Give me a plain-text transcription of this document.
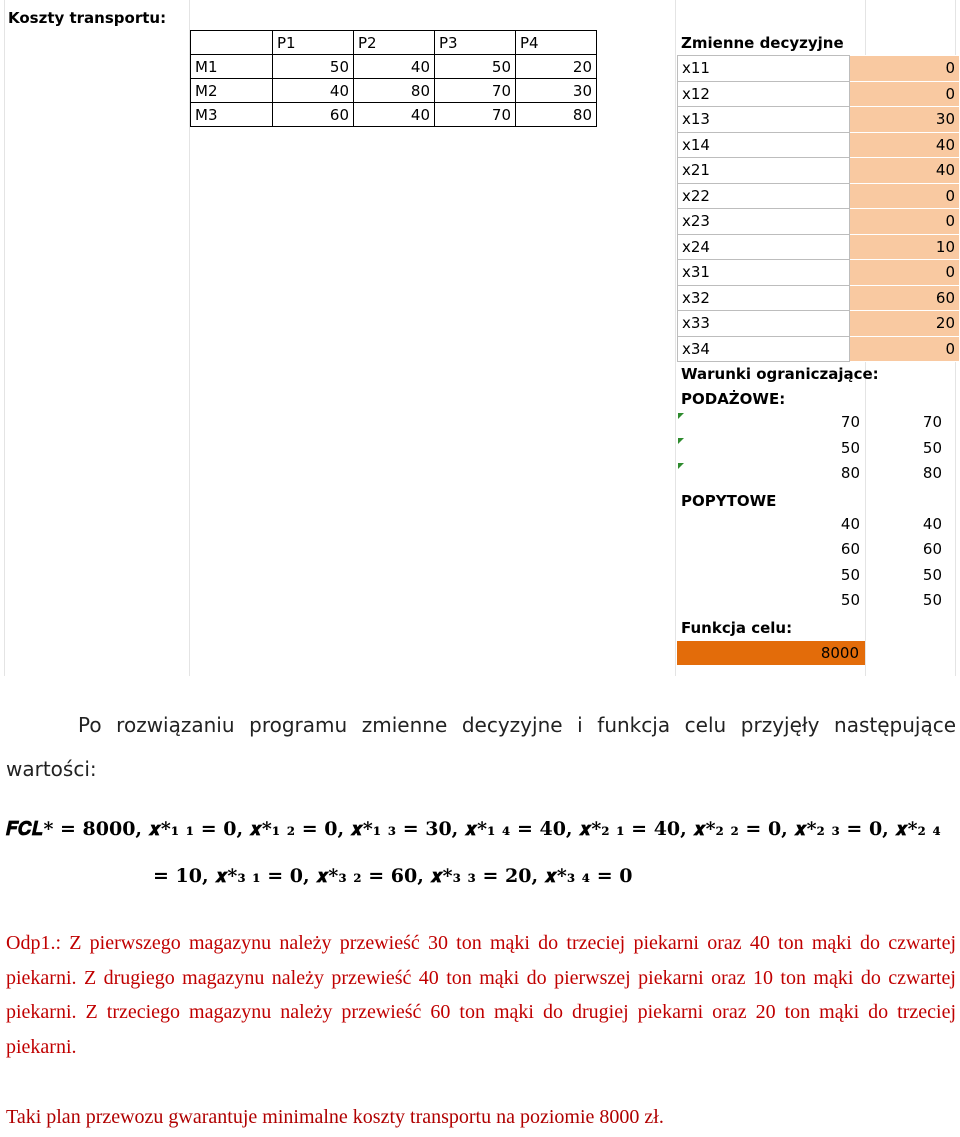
Koszty transportu:
	P1	P2	P3	P4
M1	50	40	50	20
M2	40	80	70	30
M3	60	40	70	80
Zmienne decyzyjne
x11	0
x12	0
x13	30
x14	40
x21	40
x22	0
x23	0
x24	10
x31	0
x32	60
x33	20
x34	0
Warunki ograniczające:
PODAŻOWE:
70	70
50	50
80	80
POPYTOWE
40	40
60	60
50	50
50	50
Funkcja celu:
8000
Po rozwiązaniu programu zmienne decyzyjne i funkcja celu przyjęły następujące
wartości:
𝑭𝑪𝑳* = 𝟖𝟎𝟎𝟎, 𝒙*₁ ₁ = 𝟎, 𝒙*₁ ₂ = 𝟎, 𝒙*₁ ₃ = 𝟑𝟎, 𝒙*₁ ₄ = 𝟒𝟎, 𝒙*₂ ₁ = 𝟒𝟎, 𝒙*₂ ₂ = 𝟎, 𝒙*₂ ₃ = 𝟎, 𝒙*₂ ₄
= 𝟏𝟎, 𝒙*₃ ₁ = 𝟎, 𝒙*₃ ₂ = 𝟔𝟎, 𝒙*₃ ₃ = 𝟐𝟎, 𝒙*₃ ₄ = 𝟎
Odp1.: Z pierwszego magazynu należy przewieść 30 ton mąki do trzeciej piekarni oraz 40 ton mąki do czwartej piekarni. Z drugiego magazynu należy przewieść 40 ton mąki do pierwszej piekarni oraz 10 ton mąki do czwartej piekarni. Z trzeciego magazynu należy przewieść 60 ton mąki do drugiej piekarni oraz 20 ton mąki do trzeciej piekarni.
Taki plan przewozu gwarantuje minimalne koszty transportu na poziomie 8000 zł.
